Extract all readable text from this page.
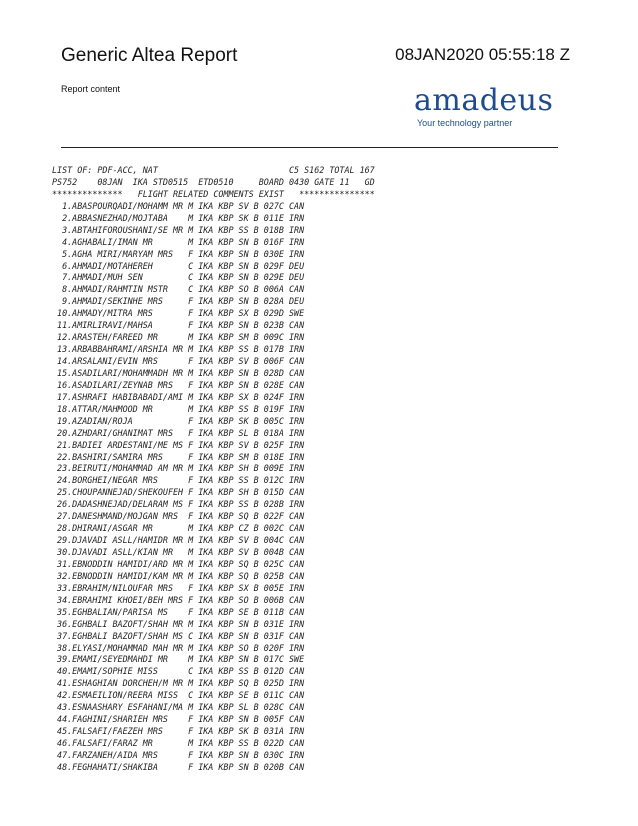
Generic Altea Report	08JAN2020 05:55:18 Z
Report content	amadeus
Your technology partner
LIST OF: PDF-ACC, NAT                          C5 S162 TOTAL 167
PS752    08JAN  IKA STD0515  ETD0510     BOARD 0430 GATE 11   GD
**************   FLIGHT RELATED COMMENTS EXIST   ***************
1.ABASPOURQADI/MOHAMM MR M IKA KBP SV B 027C CAN
2.ABBASNEZHAD/MOJTABA    M IKA KBP SK B 011E IRN
3.ABTAHIFOROUSHANI/SE MR M IKA KBP SS B 018B IRN
4.AGHABALI/IMAN MR       M IKA KBP SN B 016F IRN
5.AGHA MIRI/MARYAM MRS   F IKA KBP SN B 030E IRN
6.AHMADI/MOTAHEREH       C IKA KBP SN B 029F DEU
7.AHMADI/MUH SEN         C IKA KBP SN B 029E DEU
8.AHMADI/RAHMTIN MSTR    C IKA KBP SO B 006A CAN
9.AHMADI/SEKINHE MRS     F IKA KBP SN B 028A DEU
10.AHMADY/MITRA MRS       F IKA KBP SX B 029D SWE
11.AMIRLIRAVI/MAHSA       F IKA KBP SN B 023B CAN
12.ARASTEH/FAREED MR      M IKA KBP SM B 009C IRN
13.ARBABBAHRAMI/ARSHIA MR M IKA KBP SS B 017B IRN
14.ARSALANI/EVIN MRS      F IKA KBP SV B 006F CAN
15.ASADILARI/MOHAMMADH MR M IKA KBP SN B 028D CAN
16.ASADILARI/ZEYNAB MRS   F IKA KBP SN B 028E CAN
17.ASHRAFI HABIBABADI/AMI M IKA KBP SX B 024F IRN
18.ATTAR/MAHMOOD MR       M IKA KBP SS B 019F IRN
19.AZADIAN/ROJA           F IKA KBP SK B 005C IRN
20.AZHDARI/GHANIMAT MRS   F IKA KBP SL B 018A IRN
21.BADIEI ARDESTANI/ME MS F IKA KBP SV B 025F IRN
22.BASHIRI/SAMIRA MRS     F IKA KBP SM B 018E IRN
23.BEIRUTI/MOHAMMAD AM MR M IKA KBP SH B 009E IRN
24.BORGHEI/NEGAR MRS      F IKA KBP SS B 012C IRN
25.CHOUPANNEJAD/SHEKOUFEH F IKA KBP SH B 015D CAN
26.DADASHNEJAD/DELARAM MS F IKA KBP SS B 028B IRN
27.DANESHMAND/MOJGAN MRS  F IKA KBP SQ B 022F CAN
28.DHIRANI/ASGAR MR       M IKA KBP CZ B 002C CAN
29.DJAVADI ASLL/HAMIDR MR M IKA KBP SV B 004C CAN
30.DJAVADI ASLL/KIAN MR   M IKA KBP SV B 004B CAN
31.EBNODDIN HAMIDI/ARD MR M IKA KBP SQ B 025C CAN
32.EBNODDIN HAMIDI/KAM MR M IKA KBP SQ B 025B CAN
33.EBRAHIM/NILOUFAR MRS   F IKA KBP SX B 005E IRN
34.EBRAHIMI KHOEI/BEH MRS F IKA KBP SO B 006B CAN
35.EGHBALIAN/PARISA MS    F IKA KBP SE B 011B CAN
36.EGHBALI BAZOFT/SHAH MR M IKA KBP SN B 031E IRN
37.EGHBALI BAZOFT/SHAH MS C IKA KBP SN B 031F CAN
38.ELYASI/MOHAMMAD MAH MR M IKA KBP SO B 020F IRN
39.EMAMI/SEYEDMAHDI MR    M IKA KBP SN B 017C SWE
40.EMAMI/SOPHIE MISS      C IKA KBP SS B 012D CAN
41.ESHAGHIAN DORCHEH/M MR M IKA KBP SQ B 025D IRN
42.ESMAEILION/REERA MISS  C IKA KBP SE B 011C CAN
43.ESNAASHARY ESFAHANI/MA M IKA KBP SL B 028C CAN
44.FAGHINI/SHARIEH MRS    F IKA KBP SN B 005F CAN
45.FALSAFI/FAEZEH MRS     F IKA KBP SK B 031A IRN
46.FALSAFI/FARAZ MR       M IKA KBP SS B 022D CAN
47.FARZANEH/AIDA MRS      F IKA KBP SN B 030C IRN
48.FEGHAHATI/SHAKIBA      F IKA KBP SN B 020B CAN
